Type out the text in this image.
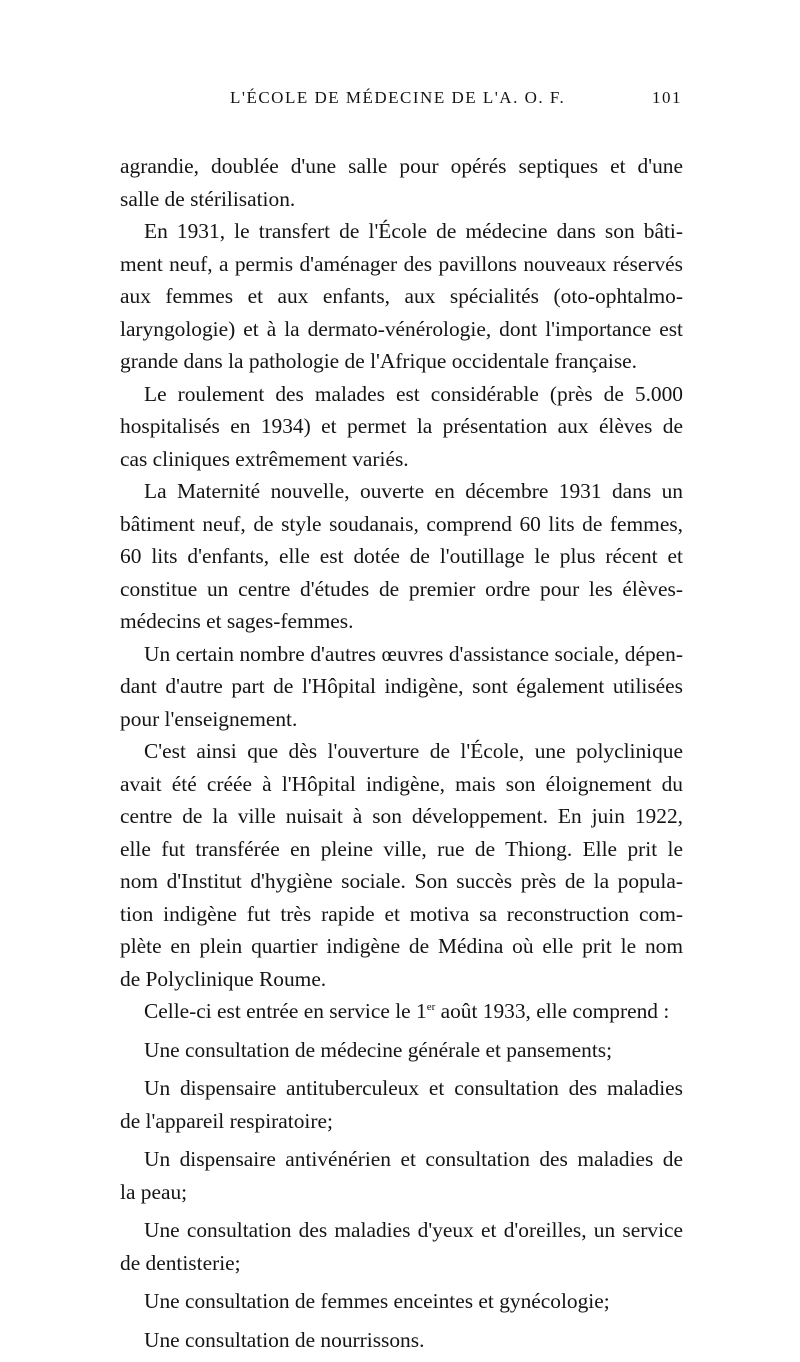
L'ÉCOLE DE MÉDECINE DE L'A. O. F.	101
agrandie, doublée d'une salle pour opérés septiques et d'une
salle de stérilisation.
En 1931, le transfert de l'École de médecine dans son bâti-
ment neuf, a permis d'aménager des pavillons nouveaux réservés
aux femmes et aux enfants, aux spécialités (oto-ophtalmo-
laryngologie) et à la dermato-vénérologie, dont l'importance est
grande dans la pathologie de l'Afrique occidentale française.
Le roulement des malades est considérable (près de 5.000
hospitalisés en 1934) et permet la présentation aux élèves de
cas cliniques extrêmement variés.
La Maternité nouvelle, ouverte en décembre 1931 dans un
bâtiment neuf, de style soudanais, comprend 60 lits de femmes,
60 lits d'enfants, elle est dotée de l'outillage le plus récent et
constitue un centre d'études de premier ordre pour les élèves-
médecins et sages-femmes.
Un certain nombre d'autres œuvres d'assistance sociale, dépen-
dant d'autre part de l'Hôpital indigène, sont également utilisées
pour l'enseignement.
C'est ainsi que dès l'ouverture de l'École, une polyclinique
avait été créée à l'Hôpital indigène, mais son éloignement du
centre de la ville nuisait à son développement. En juin 1922,
elle fut transférée en pleine ville, rue de Thiong. Elle prit le
nom d'Institut d'hygiène sociale. Son succès près de la popula-
tion indigène fut très rapide et motiva sa reconstruction com-
plète en plein quartier indigène de Médina où elle prit le nom
de Polyclinique Roume.
Celle-ci est entrée en service le 1er août 1933, elle comprend :
Une consultation de médecine générale et pansements;
Un dispensaire antituberculeux et consultation des maladies
de l'appareil respiratoire;
Un dispensaire antivénérien et consultation des maladies de
la peau;
Une consultation des maladies d'yeux et d'oreilles, un service
de dentisterie;
Une consultation de femmes enceintes et gynécologie;
Une consultation de nourrissons.
